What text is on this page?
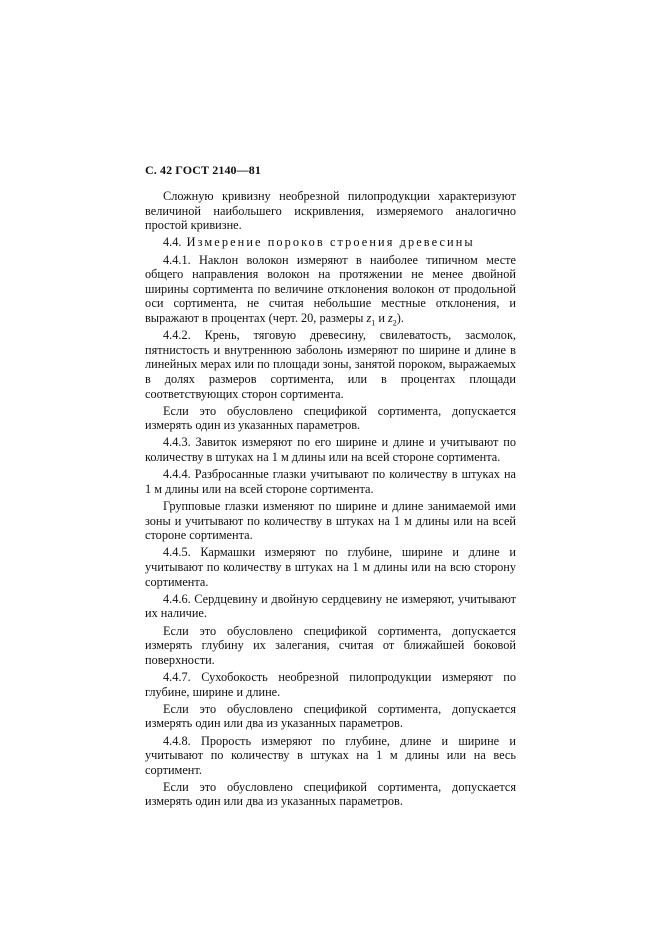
С. 42 ГОСТ 2140—81

Сложную кривизну необрезной пилопродукции характеризуют величиной наибольшего искривления, измеряемого аналогично простой кривизне.

4.4. Измерение пороков строения древесины

4.4.1. Наклон волокон измеряют в наиболее типичном месте общего направления волокон на протяжении не менее двойной ширины сортимента по величине отклонения волокон от продольной оси сортимента, не считая небольшие местные отклонения, и выражают в процентах (черт. 20, размеры $z_1$ и $z_2$).

4.4.2. Крень, тяговую древесину, свилеватость, засмолок, пятнистость и внутреннюю заболонь измеряют по ширине и длине в линейных мерах или по площади зоны, занятой пороком, выражаемых в долях размеров сортимента, или в процентах площади соответствующих сторон сортимента.

Если это обусловлено спецификой сортимента, допускается измерять один из указанных параметров.

4.4.3. Завиток измеряют по его ширине и длине и учитывают по количеству в штуках на 1 м длины или на всей стороне сортимента.

4.4.4. Разбросанные глазки учитывают по количеству в штуках на 1 м длины или на всей стороне сортимента.

Групповые глазки изменяют по ширине и длине занимаемой ими зоны и учитывают по количеству в штуках на 1 м длины или на всей стороне сортимента.

4.4.5. Кармашки измеряют по глубине, ширине и длине и учитывают по количеству в штуках на 1 м длины или на всю сторону сортимента.

4.4.6. Сердцевину и двойную сердцевину не измеряют, учитывают их наличие.

Если это обусловлено спецификой сортимента, допускается измерять глубину их залегания, считая от ближайшей боковой поверхности.

4.4.7. Сухобокость необрезной пилопродукции измеряют по глубине, ширине и длине.

Если это обусловлено спецификой сортимента, допускается измерять один или два из указанных параметров.

4.4.8. Прорость измеряют по глубине, длине и ширине и учитывают по количеству в штуках на 1 м длины или на весь сортимент.

Если это обусловлено спецификой сортимента, допускается измерять один или два из указанных параметров.
